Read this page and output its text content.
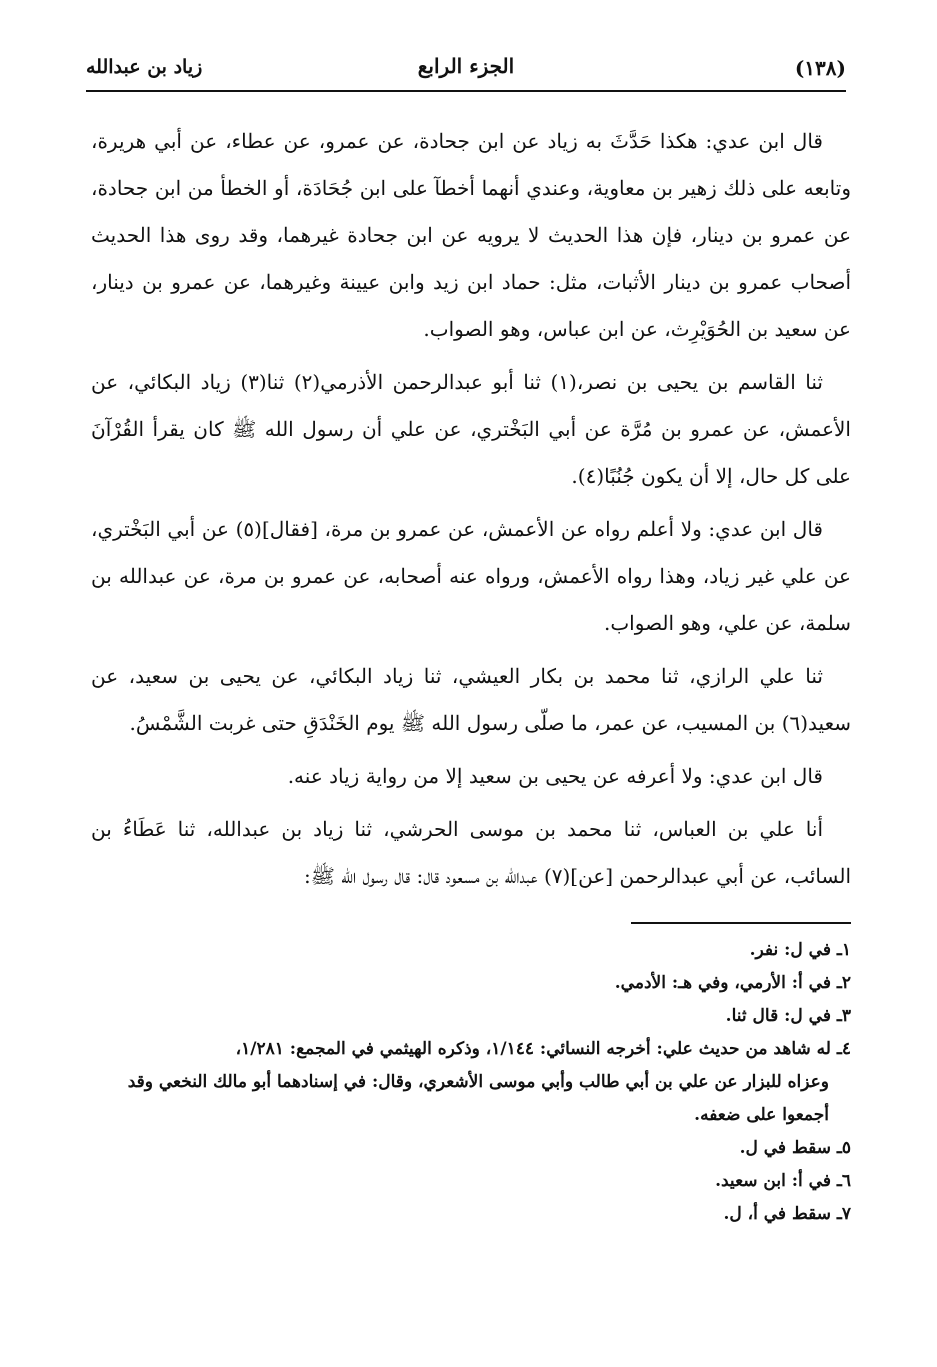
زياد بن عبدالله	الجزء الرابع	(١٣٨)

قال ابن عدي: هكذا حَدَّثَ به زياد عن ابن جحادة، عن عمرو، عن عطاء، عن أبي هريرة، وتابعه على ذلك زهير بن معاوية، وعندي أنهما أخطآ على ابن جُحَادَة، أو الخطأ من ابن جحادة، عن عمرو بن دينار، فإن هذا الحديث لا يرويه عن ابن جحادة غيرهما، وقد روى هذا الحديث أصحاب عمرو بن دينار الأثبات، مثل: حماد ابن زيد وابن عيينة وغيرهما، عن عمرو بن دينار، عن سعيد بن الحُوَيْرِث، عن ابن عباس، وهو الصواب.

ثنا القاسم بن يحيى بن نصر،(١) ثنا أبو عبدالرحمن الأذرمي(٢) ثنا(٣) زياد البكائي، عن الأعمش، عن عمرو بن مُرَّة عن أبي البَخْتري، عن علي أن رسول الله ﷺ كان يقرأ القُرْآنَ على كل حال، إلا أن يكون جُنُبًا(٤).

قال ابن عدي: ولا أعلم رواه عن الأعمش، عن عمرو بن مرة، [فقال](٥) عن أبي البَخْتري، عن علي غير زياد، وهذا رواه الأعمش، ورواه عنه أصحابه، عن عمرو بن مرة، عن عبدالله بن سلمة، عن علي، وهو الصواب.

ثنا علي الرازي، ثنا محمد بن بكار العيشي، ثنا زياد البكائي، عن يحيى بن سعيد، عن سعيد(٦) بن المسيب، عن عمر، ما صلّى رسول الله ﷺ يوم الخَنْدَقِ حتى غربت الشَّمْسُ.

قال ابن عدي: ولا أعرفه عن يحيى بن سعيد إلا من رواية زياد عنه.

أنا علي بن العباس، ثنا محمد بن موسى الحرشي، ثنا زياد بن عبدالله، ثنا عَطَاءُ بن السائب، عن أبي عبدالرحمن [عن](٧) عبدالله بن مسعود قال: قال رسول الله ﷺ:

١ـ في ل: نفر.

٢ـ في أ: الأرمي، وفي هـ: الأدمي.

٣ـ في ل: قال ثنا.

٤ـ له شاهد من حديث علي: أخرجه النسائي: ١/١٤٤، وذكره الهيثمي في المجمع: ١/٢٨١،

وعزاه للبزار عن علي بن أبي طالب وأبي موسى الأشعري، وقال: في إسنادهما أبو مالك النخعي وقد أجمعوا على ضعفه.

٥ـ سقط في ل.

٦ـ في أ: ابن سعيد.

٧ـ سقط في أ، ل.
